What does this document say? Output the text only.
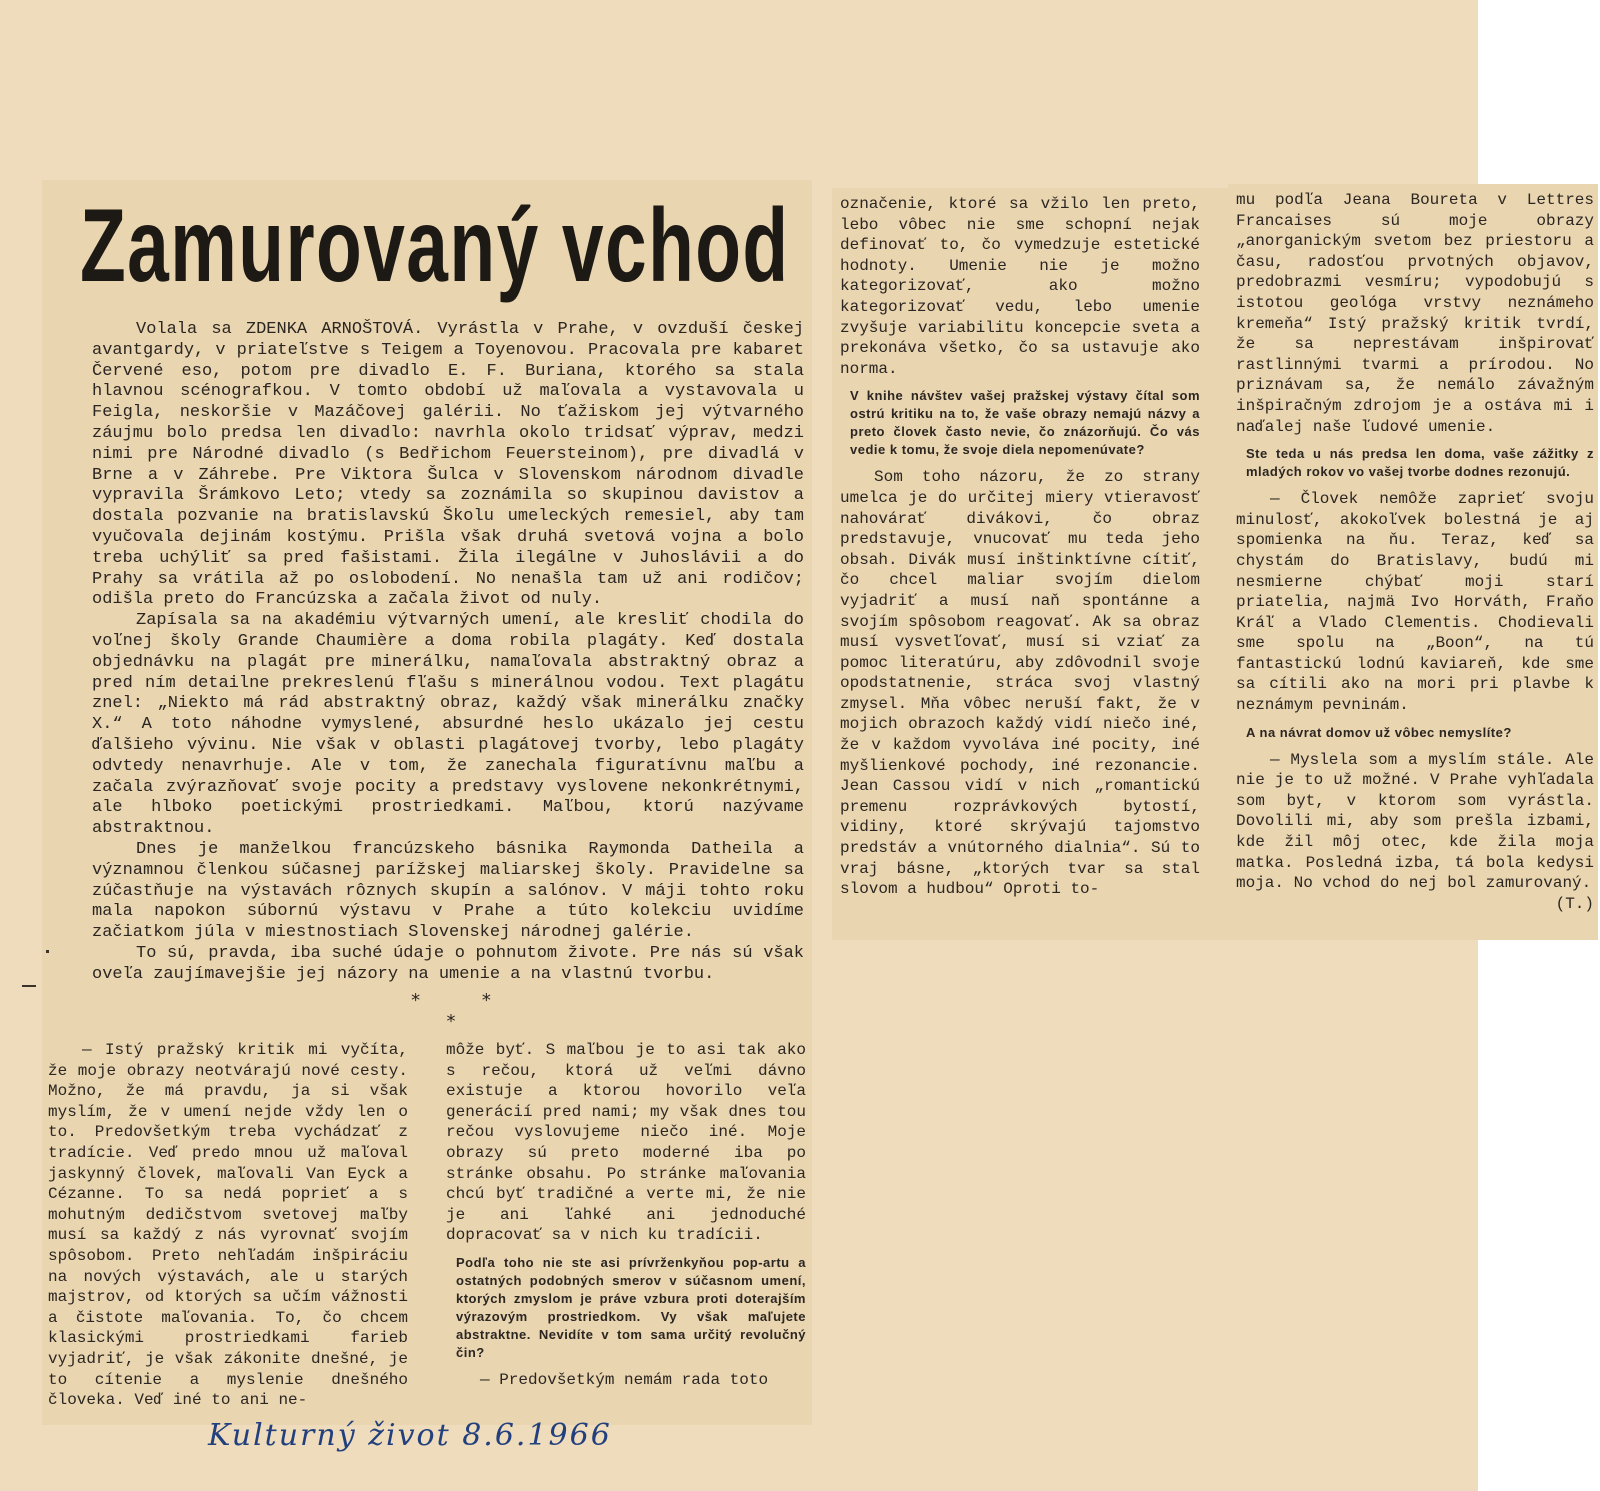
Zamurovaný vchod

Volala sa ZDENKA ARNOŠTOVÁ. Vyrástla v Prahe, v ovzduší českej avantgardy, v priateľstve s Teigem a Toyenovou. Pracovala pre kabaret Červené eso, potom pre divadlo E. F. Buriana, ktorého sa stala hlavnou scénografkou. V tomto období už maľovala a vystavovala u Feigla, neskoršie v Mazáčovej galérii. No ťažiskom jej výtvarného záujmu bolo predsa len divadlo: navrhla okolo tridsať výprav, medzi nimi pre Národné divadlo (s Bedřichom Feuersteinom), pre divadlá v Brne a v Záhrebe. Pre Viktora Šulca v Slovenskom národnom divadle vypravila Šrámkovo Leto; vtedy sa zoznámila so skupinou davistov a dostala pozvanie na bratislavskú Školu umeleckých remesiel, aby tam vyučovala dejinám kostýmu. Prišla však druhá svetová vojna a bolo treba uchýliť sa pred fašistami. Žila ilegálne v Juhoslávii a do Prahy sa vrátila až po oslobodení. No nenašla tam už ani rodičov; odišla preto do Francúzska a začala život od nuly.

Zapísala sa na akadémiu výtvarných umení, ale kresliť chodila do voľnej školy Grande Chaumière a doma robila plagáty. Keď dostala objednávku na plagát pre minerálku, namaľovala abstraktný obraz a pred ním detailne prekreslenú fľašu s minerálnou vodou. Text plagátu znel: „Niekto má rád abstraktný obraz, každý však minerálku značky X.“ A toto náhodne vymyslené, absurdné heslo ukázalo jej cestu ďalšieho vývinu. Nie však v oblasti plagátovej tvorby, lebo plagáty odvtedy nenavrhuje. Ale v tom, že zanechala figuratívnu maľbu a začala zvýrazňovať svoje pocity a predstavy vyslovene nekonkrétnymi, ale hlboko poetickými prostriedkami. Maľbou, ktorú nazývame abstraktnou.

Dnes je manželkou francúzskeho básnika Raymonda Datheila a významnou členkou súčasnej parížskej maliarskej školy. Pravidelne sa zúčastňuje na výstavách rôznych skupín a salónov. V máji tohto roku mala napokon súbornú výstavu v Prahe a túto kolekciu uvidíme začiatkom júla v miestnostiach Slovenskej národnej galérie.

To sú, pravda, iba suché údaje o pohnutom živote. Pre nás sú však oveľa zaujímavejšie jej názory na umenie a na vlastnú tvorbu.

* * *

— Istý pražský kritik mi vyčíta, že moje obrazy neotvárajú nové cesty. Možno, že má pravdu, ja si však myslím, že v umení nejde vždy len o to. Predovšetkým treba vychádzať z tradície. Veď predo mnou už maľoval jaskynný človek, maľovali Van Eyck a Cézanne. To sa nedá poprieť a s mohutným dedičstvom svetovej maľby musí sa každý z nás vyrovnať svojím spôsobom. Preto nehľadám inšpiráciu na nových výstavách, ale u starých majstrov, od ktorých sa učím vážnosti a čistote maľovania. To, čo chcem klasickými prostriedkami farieb vyjadriť, je však zákonite dnešné, je to cítenie a myslenie dnešného človeka. Veď iné to ani ne-

môže byť. S maľbou je to asi tak ako s rečou, ktorá už veľmi dávno existuje a ktorou hovorilo veľa generácií pred nami; my však dnes tou rečou vyslovujeme niečo iné. Moje obrazy sú preto moderné iba po stránke obsahu. Po stránke maľovania chcú byť tradičné a verte mi, že nie je ani ľahké ani jednoduché dopracovať sa v nich ku tradícii.

Podľa toho nie ste asi prívrženkyňou pop-artu a ostatných podobných smerov v súčasnom umení, ktorých zmyslom je práve vzbura proti doterajším výrazovým prostriedkom. Vy však maľujete abstraktne. Nevidíte v tom sama určitý revolučný čin?

— Predovšetkým nemám rada toto

označenie, ktoré sa vžilo len preto, lebo vôbec nie sme schopní nejak definovať to, čo vymedzuje estetické hodnoty. Umenie nie je možno kategorizovať, ako možno kategorizovať vedu, lebo umenie zvyšuje variabilitu koncepcie sveta a prekonáva všetko, čo sa ustavuje ako norma.

V knihe návštev vašej pražskej výstavy čítal som ostrú kritiku na to, že vaše obrazy nemajú názvy a preto človek často nevie, čo znázorňujú. Čo vás vedie k tomu, že svoje diela nepomenúvate?

Som toho názoru, že zo strany umelca je do určitej miery vtieravosť nahovárať divákovi, čo obraz predstavuje, vnucovať mu teda jeho obsah. Divák musí inštinktívne cítiť, čo chcel maliar svojím dielom vyjadriť a musí naň spontánne a svojím spôsobom reagovať. Ak sa obraz musí vysvetľovať, musí si vziať za pomoc literatúru, aby zdôvodnil svoje opodstatnenie, stráca svoj vlastný zmysel. Mňa vôbec neruší fakt, že v mojich obrazoch každý vidí niečo iné, že v každom vyvoláva iné pocity, iné myšlienkové pochody, iné rezonancie. Jean Cassou vidí v nich „romantickú premenu rozprávkových bytostí, vidiny, ktoré skrývajú tajomstvo predstáv a vnútorného dialnia“. Sú to vraj básne, „ktorých tvar sa stal slovom a hudbou“ Oproti to-

mu podľa Jeana Boureta v Lettres Francaises sú moje obrazy „anorganickým svetom bez priestoru a času, radosťou prvotných objavov, predobrazmi vesmíru; vypodobujú s istotou geológa vrstvy neznámeho kremeňa“ Istý pražský kritik tvrdí, že sa neprestávam inšpirovať rastlinnými tvarmi a prírodou. No priznávam sa, že nemálo závažným inšpiračným zdrojom je a ostáva mi i naďalej naše ľudové umenie.

Ste teda u nás predsa len doma, vaše zážitky z mladých rokov vo vašej tvorbe dodnes rezonujú.

— Človek nemôže zaprieť svoju minulosť, akokoľvek bolestná je aj spomienka na ňu. Teraz, keď sa chystám do Bratislavy, budú mi nesmierne chýbať moji starí priatelia, najmä Ivo Horváth, Fraňo Kráľ a Vlado Clementis. Chodievali sme spolu na „Boon“, na tú fantastickú lodnú kaviareň, kde sme sa cítili ako na mori pri plavbe k neznámym pevninám.

A na návrat domov už vôbec nemyslíte?

— Myslela som a myslím stále. Ale nie je to už možné. V Prahe vyhľadala som byt, v ktorom som vyrástla. Dovolili mi, aby som prešla izbami, kde žil môj otec, kde žila moja matka. Posledná izba, tá bola kedysi moja. No vchod do nej bol zamurovaný.

(T.)

Kulturný život 8.6.1966
